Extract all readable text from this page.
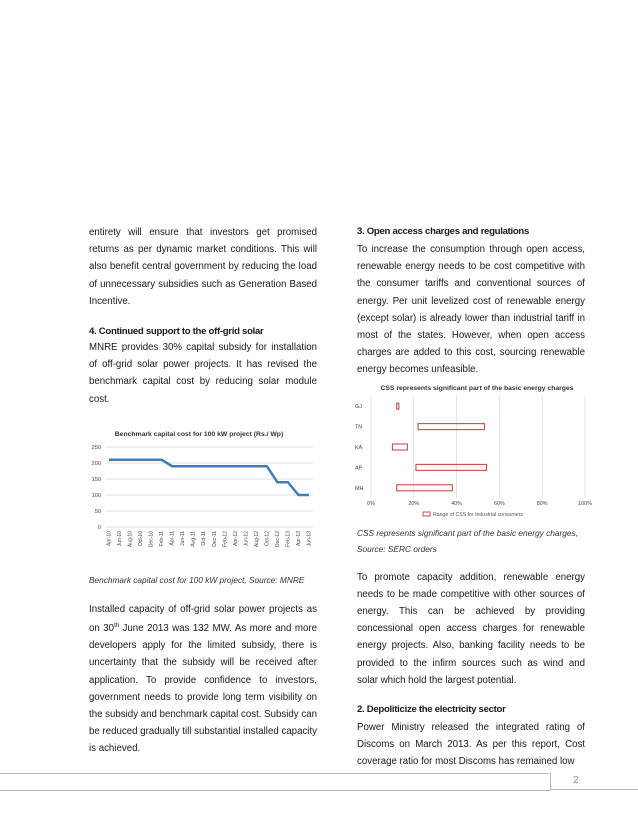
entirety will ensure that investors get promised returns as per dynamic market conditions. This will also benefit central government by reducing the load of unnecessary subsidies such as Generation Based Incentive.

4. Continued support to the off-grid solar

MNRE provides 30% capital subsidy for installation of off-grid solar power projects. It has revised the benchmark capital cost by reducing solar module cost.

Benchmark capital cost for 100 kW project (Rs./ Wp)
0
50
100
150
200
250
Apr-10 Jun-10 Aug-10 Oct-10 Dec-10 Feb-11 Apr-11 Jun-11 Aug-11 Oct-11 Dec-11 Feb-12 Apr-12 Jun-12 Aug-12 Oct-12 Dec-12 Feb-13 Apr-13 Jun-13

Benchmark capital cost for 100 kW project, Source: MNRE

Installed capacity of off-grid solar power projects as on 30th June 2013 was 132 MW. As more and more developers apply for the limited subsidy, there is uncertainty that the subsidy will be received after application. To provide confidence to investors, government needs to provide long term visibility on the subsidy and benchmark capital cost. Subsidy can be reduced gradually till substantial installed capacity is achieved.

3. Open access charges and regulations

To increase the consumption through open access, renewable energy needs to be cost competitive with the consumer tariffs and conventional sources of energy. Per unit levelized cost of renewable energy (except solar) is already lower than industrial tariff in most of the states. However, when open access charges are added to this cost, sourcing renewable energy becomes unfeasible.

CSS represents significant part of the basic energy charges
GJ
TN
KA
AP
MH
0%	20%	40%	60%	80%	100%
Range of CSS for Industrial consumers

CSS represents significant part of the basic energy charges,

Source: SERC orders

To promote capacity addition, renewable energy needs to be made competitive with other sources of energy. This can be achieved by providing concessional open access charges for renewable energy projects. Also, banking facility needs to be provided to the infirm sources such as wind and solar which hold the largest potential.

2. Depoliticize the electricity sector

Power Ministry released the integrated rating of Discoms on March 2013. As per this report, Cost coverage ratio for most Discoms has remained low

2
